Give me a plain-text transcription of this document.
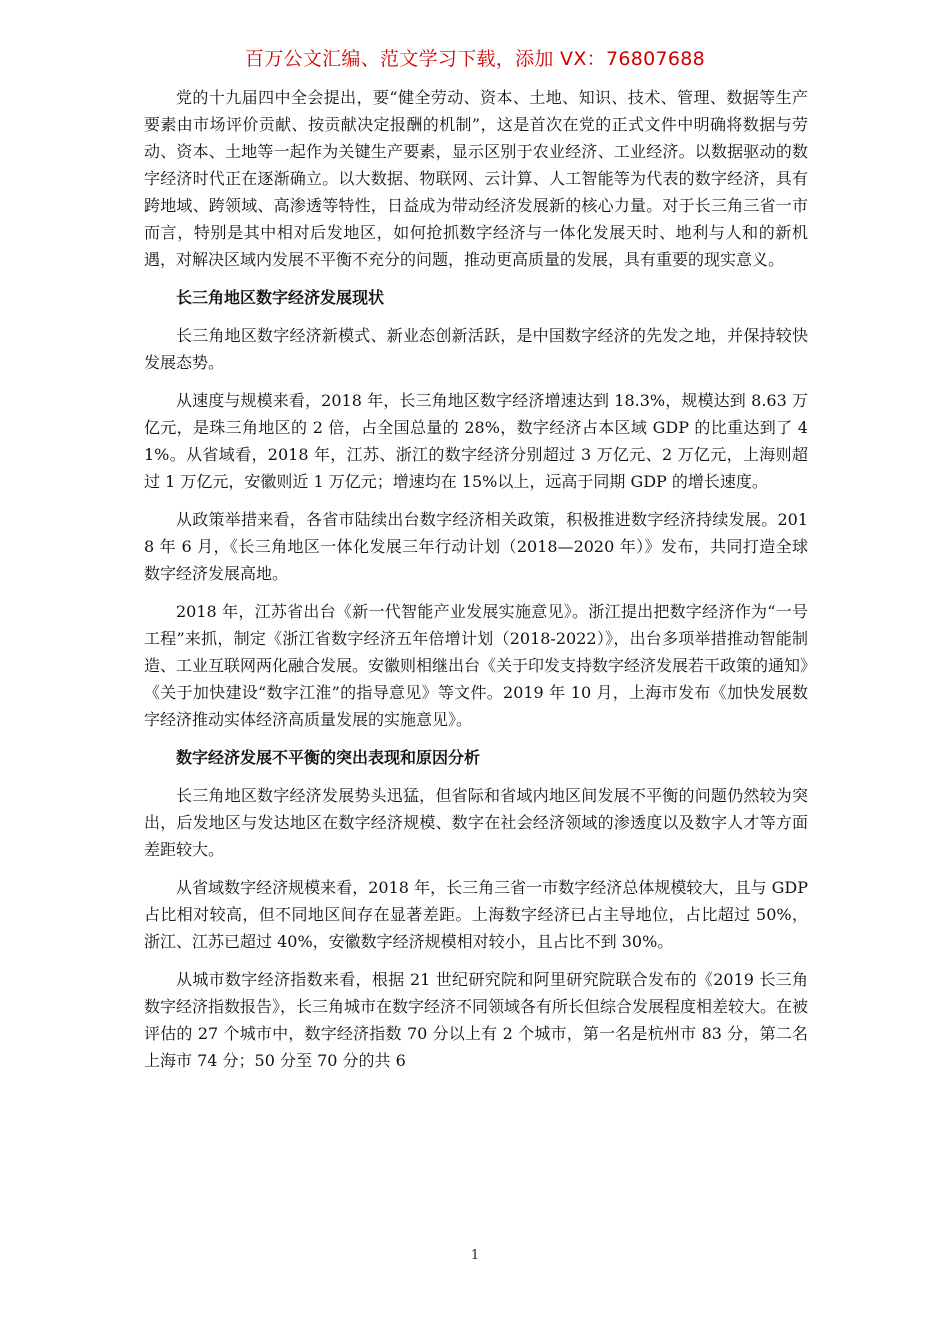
百万公文汇编、范文学习下载，添加 VX：76807688

党的十九届四中全会提出，要“健全劳动、资本、土地、知识、技术、管理、数据等生产要素由市场评价贡献、按贡献决定报酬的机制”，这是首次在党的正式文件中明确将数据与劳动、资本、土地等一起作为关键生产要素，显示区别于农业经济、工业经济。以数据驱动的数字经济时代正在逐渐确立。以大数据、物联网、云计算、人工智能等为代表的数字经济，具有跨地域、跨领域、高渗透等特性，日益成为带动经济发展新的核心力量。对于长三角三省一市而言，特别是其中相对后发地区，如何抢抓数字经济与一体化发展天时、地利与人和的新机遇，对解决区域内发展不平衡不充分的问题，推动更高质量的发展，具有重要的现实意义。

长三角地区数字经济发展现状

长三角地区数字经济新模式、新业态创新活跃，是中国数字经济的先发之地，并保持较快发展态势。

从速度与规模来看，2018 年，长三角地区数字经济增速达到 18.3%，规模达到 8.63 万亿元，是珠三角地区的 2 倍，占全国总量的 28%，数字经济占本区域 GDP 的比重达到了 41%。从省域看，2018 年，江苏、浙江的数字经济分别超过 3 万亿元、2 万亿元，上海则超过 1 万亿元，安徽则近 1 万亿元；增速均在 15%以上，远高于同期 GDP 的增长速度。

从政策举措来看，各省市陆续出台数字经济相关政策，积极推进数字经济持续发展。2018 年 6 月，《长三角地区一体化发展三年行动计划（2018—2020 年）》发布，共同打造全球数字经济发展高地。

2018 年，江苏省出台《新一代智能产业发展实施意见》。浙江提出把数字经济作为“一号工程”来抓，制定《浙江省数字经济五年倍增计划（2018-2022）》，出台多项举措推动智能制造、工业互联网两化融合发展。安徽则相继出台《关于印发支持数字经济发展若干政策的通知》《关于加快建设“数字江淮”的指导意见》等文件。2019 年 10 月，上海市发布《加快发展数字经济推动实体经济高质量发展的实施意见》。

数字经济发展不平衡的突出表现和原因分析

长三角地区数字经济发展势头迅猛，但省际和省域内地区间发展不平衡的问题仍然较为突出，后发地区与发达地区在数字经济规模、数字在社会经济领域的渗透度以及数字人才等方面差距较大。

从省域数字经济规模来看，2018 年，长三角三省一市数字经济总体规模较大，且与 GDP 占比相对较高，但不同地区间存在显著差距。上海数字经济已占主导地位，占比超过 50%，浙江、江苏已超过 40%，安徽数字经济规模相对较小，且占比不到 30%。

从城市数字经济指数来看，根据 21 世纪研究院和阿里研究院联合发布的《2019 长三角数字经济指数报告》，长三角城市在数字经济不同领域各有所长但综合发展程度相差较大。在被评估的 27 个城市中，数字经济指数 70 分以上有 2 个城市，第一名是杭州市 83 分，第二名上海市 74 分；50 分至 70 分的共 6

1
